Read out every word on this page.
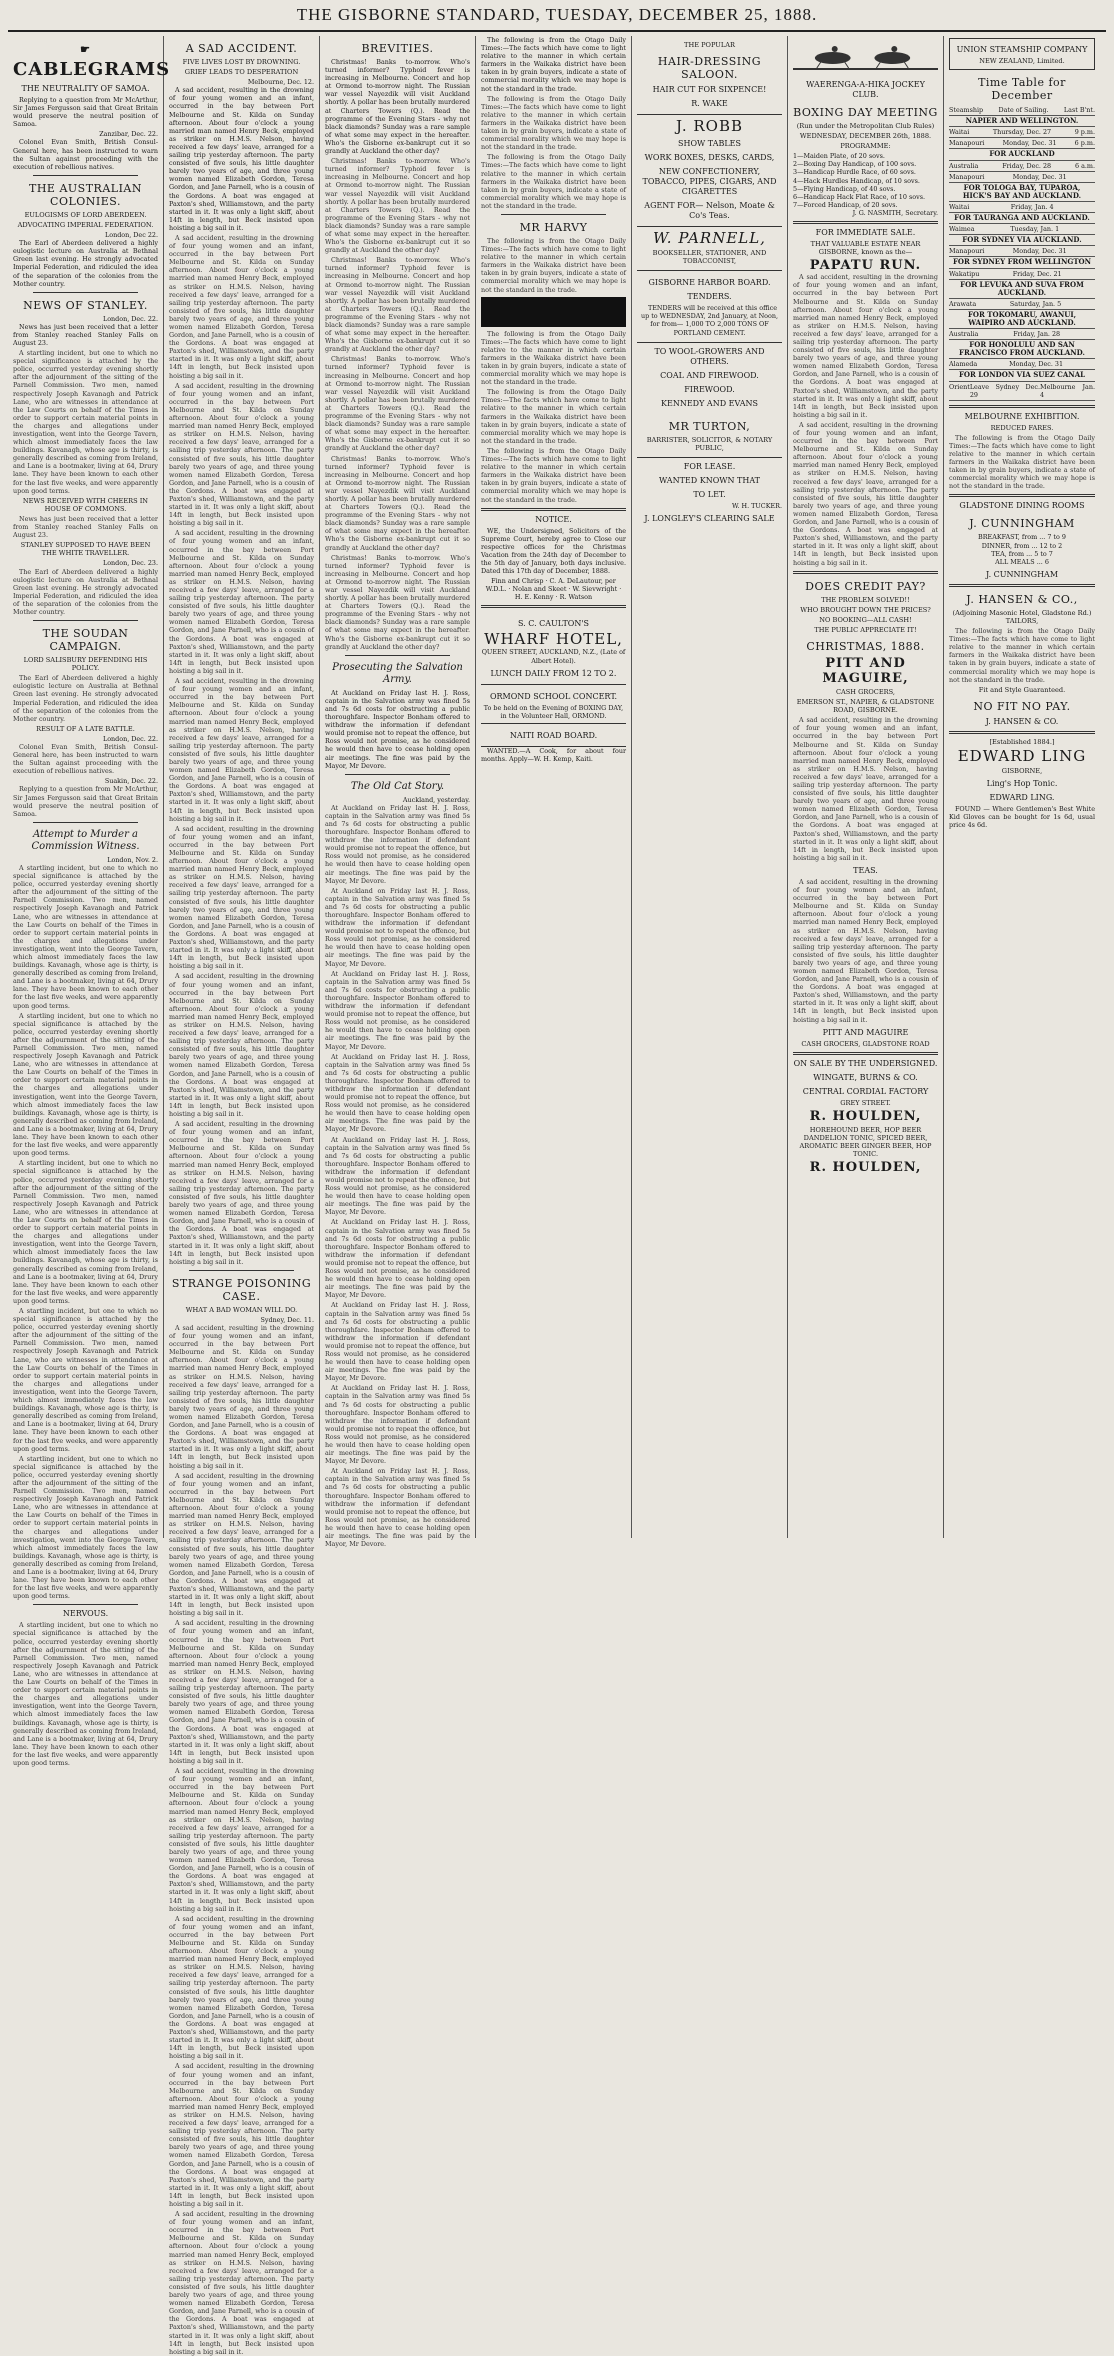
THE GISBORNE STANDARD, TUESDAY, DECEMBER 25, 1888.
☛ CABLEGRAMS
THE NEUTRALITY OF SAMOA.

Replying to a question from Mr McArthur, Sir James Fergusson said that Great Britain would preserve the neutral position of Samoa.

Zanzibar, Dec. 22.

Colonel Evan Smith, British Consul-General here, has been instructed to warn the Sultan against proceeding with the execution of rebellious natives.

THE AUSTRALIAN COLONIES.
EULOGISMS OF LORD ABERDEEN.
ADVOCATING IMPERIAL FEDERATION.
London, Dec 22.

The Earl of Aberdeen delivered a highly eulogistic lecture on Australia at Bethnal Green last evening. He strongly advocated Imperial Federation, and ridiculed the idea of the separation of the colonies from the Mother country.

NEWS OF STANLEY.
London, Dec. 22.

News has just been received that a letter from Stanley reached Stanley Falls on August 23.

A startling incident, but one to which no special significance is attached by the police, occurred yesterday evening shortly after the adjournment of the sitting of the Parnell Commission. Two men, named respectively Joseph Kavanagh and Patrick Lane, who are witnesses in attendance at the Law Courts on behalf of the Times in order to support certain material points in the charges and allegations under investigation, went into the George Tavern, which almost immediately faces the law buildings. Kavanagh, whose age is thirty, is generally described as coming from Ireland, and Lane is a bootmaker, living at 64, Drury lane. They have been known to each other for the last five weeks, and were apparently upon good terms.

NEWS RECEIVED WITH CHEERS IN HOUSE OF COMMONS.

News has just been received that a letter from Stanley reached Stanley Falls on August 23.

STANLEY SUPPOSED TO HAVE BEEN THE WHITE TRAVELLER.
London, Dec. 23.

The Earl of Aberdeen delivered a highly eulogistic lecture on Australia at Bethnal Green last evening. He strongly advocated Imperial Federation, and ridiculed the idea of the separation of the colonies from the Mother country.

THE SOUDAN CAMPAIGN.
LORD SALISBURY DEFENDING HIS POLICY.

The Earl of Aberdeen delivered a highly eulogistic lecture on Australia at Bethnal Green last evening. He strongly advocated Imperial Federation, and ridiculed the idea of the separation of the colonies from the Mother country.

RESULT OF A LATE BATTLE.
London, Dec. 22.

Colonel Evan Smith, British Consul-General here, has been instructed to warn the Sultan against proceeding with the execution of rebellious natives.

Suakin, Dec. 22.

Replying to a question from Mr McArthur, Sir James Fergusson said that Great Britain would preserve the neutral position of Samoa.

Attempt to Murder a Commission Witness.
London, Nov. 2.

A startling incident, but one to which no special significance is attached by the police, occurred yesterday evening shortly after the adjournment of the sitting of the Parnell Commission. Two men, named respectively Joseph Kavanagh and Patrick Lane, who are witnesses in attendance at the Law Courts on behalf of the Times in order to support certain material points in the charges and allegations under investigation, went into the George Tavern, which almost immediately faces the law buildings. Kavanagh, whose age is thirty, is generally described as coming from Ireland, and Lane is a bootmaker, living at 64, Drury lane. They have been known to each other for the last five weeks, and were apparently upon good terms.

A startling incident, but one to which no special significance is attached by the police, occurred yesterday evening shortly after the adjournment of the sitting of the Parnell Commission. Two men, named respectively Joseph Kavanagh and Patrick Lane, who are witnesses in attendance at the Law Courts on behalf of the Times in order to support certain material points in the charges and allegations under investigation, went into the George Tavern, which almost immediately faces the law buildings. Kavanagh, whose age is thirty, is generally described as coming from Ireland, and Lane is a bootmaker, living at 64, Drury lane. They have been known to each other for the last five weeks, and were apparently upon good terms.

A startling incident, but one to which no special significance is attached by the police, occurred yesterday evening shortly after the adjournment of the sitting of the Parnell Commission. Two men, named respectively Joseph Kavanagh and Patrick Lane, who are witnesses in attendance at the Law Courts on behalf of the Times in order to support certain material points in the charges and allegations under investigation, went into the George Tavern, which almost immediately faces the law buildings. Kavanagh, whose age is thirty, is generally described as coming from Ireland, and Lane is a bootmaker, living at 64, Drury lane. They have been known to each other for the last five weeks, and were apparently upon good terms.

A startling incident, but one to which no special significance is attached by the police, occurred yesterday evening shortly after the adjournment of the sitting of the Parnell Commission. Two men, named respectively Joseph Kavanagh and Patrick Lane, who are witnesses in attendance at the Law Courts on behalf of the Times in order to support certain material points in the charges and allegations under investigation, went into the George Tavern, which almost immediately faces the law buildings. Kavanagh, whose age is thirty, is generally described as coming from Ireland, and Lane is a bootmaker, living at 64, Drury lane. They have been known to each other for the last five weeks, and were apparently upon good terms.

A startling incident, but one to which no special significance is attached by the police, occurred yesterday evening shortly after the adjournment of the sitting of the Parnell Commission. Two men, named respectively Joseph Kavanagh and Patrick Lane, who are witnesses in attendance at the Law Courts on behalf of the Times in order to support certain material points in the charges and allegations under investigation, went into the George Tavern, which almost immediately faces the law buildings. Kavanagh, whose age is thirty, is generally described as coming from Ireland, and Lane is a bootmaker, living at 64, Drury lane. They have been known to each other for the last five weeks, and were apparently upon good terms.

NERVOUS.

A startling incident, but one to which no special significance is attached by the police, occurred yesterday evening shortly after the adjournment of the sitting of the Parnell Commission. Two men, named respectively Joseph Kavanagh and Patrick Lane, who are witnesses in attendance at the Law Courts on behalf of the Times in order to support certain material points in the charges and allegations under investigation, went into the George Tavern, which almost immediately faces the law buildings. Kavanagh, whose age is thirty, is generally described as coming from Ireland, and Lane is a bootmaker, living at 64, Drury lane. They have been known to each other for the last five weeks, and were apparently upon good terms.

A SAD ACCIDENT.
FIVE LIVES LOST BY DROWNING.
GRIEF LEADS TO DESPERATION
Melbourne, Dec. 12.

A sad accident, resulting in the drowning of four young women and an infant, occurred in the bay between Port Melbourne and St. Kilda on Sunday afternoon. About four o'clock a young married man named Henry Beck, employed as striker on H.M.S. Nelson, having received a few days' leave, arranged for a sailing trip yesterday afternoon. The party consisted of five souls, his little daughter barely two years of age, and three young women named Elizabeth Gordon, Teresa Gordon, and Jane Parnell, who is a cousin of the Gordons. A boat was engaged at Paxton's shed, Williamstown, and the party started in it. It was only a light skiff, about 14ft in length, but Beck insisted upon hoisting a big sail in it.

A sad accident, resulting in the drowning of four young women and an infant, occurred in the bay between Port Melbourne and St. Kilda on Sunday afternoon. About four o'clock a young married man named Henry Beck, employed as striker on H.M.S. Nelson, having received a few days' leave, arranged for a sailing trip yesterday afternoon. The party consisted of five souls, his little daughter barely two years of age, and three young women named Elizabeth Gordon, Teresa Gordon, and Jane Parnell, who is a cousin of the Gordons. A boat was engaged at Paxton's shed, Williamstown, and the party started in it. It was only a light skiff, about 14ft in length, but Beck insisted upon hoisting a big sail in it.

A sad accident, resulting in the drowning of four young women and an infant, occurred in the bay between Port Melbourne and St. Kilda on Sunday afternoon. About four o'clock a young married man named Henry Beck, employed as striker on H.M.S. Nelson, having received a few days' leave, arranged for a sailing trip yesterday afternoon. The party consisted of five souls, his little daughter barely two years of age, and three young women named Elizabeth Gordon, Teresa Gordon, and Jane Parnell, who is a cousin of the Gordons. A boat was engaged at Paxton's shed, Williamstown, and the party started in it. It was only a light skiff, about 14ft in length, but Beck insisted upon hoisting a big sail in it.

A sad accident, resulting in the drowning of four young women and an infant, occurred in the bay between Port Melbourne and St. Kilda on Sunday afternoon. About four o'clock a young married man named Henry Beck, employed as striker on H.M.S. Nelson, having received a few days' leave, arranged for a sailing trip yesterday afternoon. The party consisted of five souls, his little daughter barely two years of age, and three young women named Elizabeth Gordon, Teresa Gordon, and Jane Parnell, who is a cousin of the Gordons. A boat was engaged at Paxton's shed, Williamstown, and the party started in it. It was only a light skiff, about 14ft in length, but Beck insisted upon hoisting a big sail in it.

A sad accident, resulting in the drowning of four young women and an infant, occurred in the bay between Port Melbourne and St. Kilda on Sunday afternoon. About four o'clock a young married man named Henry Beck, employed as striker on H.M.S. Nelson, having received a few days' leave, arranged for a sailing trip yesterday afternoon. The party consisted of five souls, his little daughter barely two years of age, and three young women named Elizabeth Gordon, Teresa Gordon, and Jane Parnell, who is a cousin of the Gordons. A boat was engaged at Paxton's shed, Williamstown, and the party started in it. It was only a light skiff, about 14ft in length, but Beck insisted upon hoisting a big sail in it.

A sad accident, resulting in the drowning of four young women and an infant, occurred in the bay between Port Melbourne and St. Kilda on Sunday afternoon. About four o'clock a young married man named Henry Beck, employed as striker on H.M.S. Nelson, having received a few days' leave, arranged for a sailing trip yesterday afternoon. The party consisted of five souls, his little daughter barely two years of age, and three young women named Elizabeth Gordon, Teresa Gordon, and Jane Parnell, who is a cousin of the Gordons. A boat was engaged at Paxton's shed, Williamstown, and the party started in it. It was only a light skiff, about 14ft in length, but Beck insisted upon hoisting a big sail in it.

A sad accident, resulting in the drowning of four young women and an infant, occurred in the bay between Port Melbourne and St. Kilda on Sunday afternoon. About four o'clock a young married man named Henry Beck, employed as striker on H.M.S. Nelson, having received a few days' leave, arranged for a sailing trip yesterday afternoon. The party consisted of five souls, his little daughter barely two years of age, and three young women named Elizabeth Gordon, Teresa Gordon, and Jane Parnell, who is a cousin of the Gordons. A boat was engaged at Paxton's shed, Williamstown, and the party started in it. It was only a light skiff, about 14ft in length, but Beck insisted upon hoisting a big sail in it.

A sad accident, resulting in the drowning of four young women and an infant, occurred in the bay between Port Melbourne and St. Kilda on Sunday afternoon. About four o'clock a young married man named Henry Beck, employed as striker on H.M.S. Nelson, having received a few days' leave, arranged for a sailing trip yesterday afternoon. The party consisted of five souls, his little daughter barely two years of age, and three young women named Elizabeth Gordon, Teresa Gordon, and Jane Parnell, who is a cousin of the Gordons. A boat was engaged at Paxton's shed, Williamstown, and the party started in it. It was only a light skiff, about 14ft in length, but Beck insisted upon hoisting a big sail in it.

STRANGE POISONING CASE.
WHAT A BAD WOMAN WILL DO.
Sydney, Dec. 11.

A sad accident, resulting in the drowning of four young women and an infant, occurred in the bay between Port Melbourne and St. Kilda on Sunday afternoon. About four o'clock a young married man named Henry Beck, employed as striker on H.M.S. Nelson, having received a few days' leave, arranged for a sailing trip yesterday afternoon. The party consisted of five souls, his little daughter barely two years of age, and three young women named Elizabeth Gordon, Teresa Gordon, and Jane Parnell, who is a cousin of the Gordons. A boat was engaged at Paxton's shed, Williamstown, and the party started in it. It was only a light skiff, about 14ft in length, but Beck insisted upon hoisting a big sail in it.

A sad accident, resulting in the drowning of four young women and an infant, occurred in the bay between Port Melbourne and St. Kilda on Sunday afternoon. About four o'clock a young married man named Henry Beck, employed as striker on H.M.S. Nelson, having received a few days' leave, arranged for a sailing trip yesterday afternoon. The party consisted of five souls, his little daughter barely two years of age, and three young women named Elizabeth Gordon, Teresa Gordon, and Jane Parnell, who is a cousin of the Gordons. A boat was engaged at Paxton's shed, Williamstown, and the party started in it. It was only a light skiff, about 14ft in length, but Beck insisted upon hoisting a big sail in it.

A sad accident, resulting in the drowning of four young women and an infant, occurred in the bay between Port Melbourne and St. Kilda on Sunday afternoon. About four o'clock a young married man named Henry Beck, employed as striker on H.M.S. Nelson, having received a few days' leave, arranged for a sailing trip yesterday afternoon. The party consisted of five souls, his little daughter barely two years of age, and three young women named Elizabeth Gordon, Teresa Gordon, and Jane Parnell, who is a cousin of the Gordons. A boat was engaged at Paxton's shed, Williamstown, and the party started in it. It was only a light skiff, about 14ft in length, but Beck insisted upon hoisting a big sail in it.

A sad accident, resulting in the drowning of four young women and an infant, occurred in the bay between Port Melbourne and St. Kilda on Sunday afternoon. About four o'clock a young married man named Henry Beck, employed as striker on H.M.S. Nelson, having received a few days' leave, arranged for a sailing trip yesterday afternoon. The party consisted of five souls, his little daughter barely two years of age, and three young women named Elizabeth Gordon, Teresa Gordon, and Jane Parnell, who is a cousin of the Gordons. A boat was engaged at Paxton's shed, Williamstown, and the party started in it. It was only a light skiff, about 14ft in length, but Beck insisted upon hoisting a big sail in it.

A sad accident, resulting in the drowning of four young women and an infant, occurred in the bay between Port Melbourne and St. Kilda on Sunday afternoon. About four o'clock a young married man named Henry Beck, employed as striker on H.M.S. Nelson, having received a few days' leave, arranged for a sailing trip yesterday afternoon. The party consisted of five souls, his little daughter barely two years of age, and three young women named Elizabeth Gordon, Teresa Gordon, and Jane Parnell, who is a cousin of the Gordons. A boat was engaged at Paxton's shed, Williamstown, and the party started in it. It was only a light skiff, about 14ft in length, but Beck insisted upon hoisting a big sail in it.

A sad accident, resulting in the drowning of four young women and an infant, occurred in the bay between Port Melbourne and St. Kilda on Sunday afternoon. About four o'clock a young married man named Henry Beck, employed as striker on H.M.S. Nelson, having received a few days' leave, arranged for a sailing trip yesterday afternoon. The party consisted of five souls, his little daughter barely two years of age, and three young women named Elizabeth Gordon, Teresa Gordon, and Jane Parnell, who is a cousin of the Gordons. A boat was engaged at Paxton's shed, Williamstown, and the party started in it. It was only a light skiff, about 14ft in length, but Beck insisted upon hoisting a big sail in it.

A sad accident, resulting in the drowning of four young women and an infant, occurred in the bay between Port Melbourne and St. Kilda on Sunday afternoon. About four o'clock a young married man named Henry Beck, employed as striker on H.M.S. Nelson, having received a few days' leave, arranged for a sailing trip yesterday afternoon. The party consisted of five souls, his little daughter barely two years of age, and three young women named Elizabeth Gordon, Teresa Gordon, and Jane Parnell, who is a cousin of the Gordons. A boat was engaged at Paxton's shed, Williamstown, and the party started in it. It was only a light skiff, about 14ft in length, but Beck insisted upon hoisting a big sail in it.

BREVITIES.

Christmas! Banks to-morrow. Who's turned informer? Typhoid fever is increasing in Melbourne. Concert and hop at Ormond to-morrow night. The Russian war vessel Nayezdik will visit Auckland shortly. A pollar has been brutally murdered at Charters Towers (Q.). Read the programme of the Evening Stars - why not black diamonds? Sunday was a rare sample of what some may expect in the hereafter. Who's the Gisborne ex-bankrupt cut it so grandly at Auckland the other day?

Christmas! Banks to-morrow. Who's turned informer? Typhoid fever is increasing in Melbourne. Concert and hop at Ormond to-morrow night. The Russian war vessel Nayezdik will visit Auckland shortly. A pollar has been brutally murdered at Charters Towers (Q.). Read the programme of the Evening Stars - why not black diamonds? Sunday was a rare sample of what some may expect in the hereafter. Who's the Gisborne ex-bankrupt cut it so grandly at Auckland the other day?

Christmas! Banks to-morrow. Who's turned informer? Typhoid fever is increasing in Melbourne. Concert and hop at Ormond to-morrow night. The Russian war vessel Nayezdik will visit Auckland shortly. A pollar has been brutally murdered at Charters Towers (Q.). Read the programme of the Evening Stars - why not black diamonds? Sunday was a rare sample of what some may expect in the hereafter. Who's the Gisborne ex-bankrupt cut it so grandly at Auckland the other day?

Christmas! Banks to-morrow. Who's turned informer? Typhoid fever is increasing in Melbourne. Concert and hop at Ormond to-morrow night. The Russian war vessel Nayezdik will visit Auckland shortly. A pollar has been brutally murdered at Charters Towers (Q.). Read the programme of the Evening Stars - why not black diamonds? Sunday was a rare sample of what some may expect in the hereafter. Who's the Gisborne ex-bankrupt cut it so grandly at Auckland the other day?

Christmas! Banks to-morrow. Who's turned informer? Typhoid fever is increasing in Melbourne. Concert and hop at Ormond to-morrow night. The Russian war vessel Nayezdik will visit Auckland shortly. A pollar has been brutally murdered at Charters Towers (Q.). Read the programme of the Evening Stars - why not black diamonds? Sunday was a rare sample of what some may expect in the hereafter. Who's the Gisborne ex-bankrupt cut it so grandly at Auckland the other day?

Christmas! Banks to-morrow. Who's turned informer? Typhoid fever is increasing in Melbourne. Concert and hop at Ormond to-morrow night. The Russian war vessel Nayezdik will visit Auckland shortly. A pollar has been brutally murdered at Charters Towers (Q.). Read the programme of the Evening Stars - why not black diamonds? Sunday was a rare sample of what some may expect in the hereafter. Who's the Gisborne ex-bankrupt cut it so grandly at Auckland the other day?

Prosecuting the Salvation Army.

At Auckland on Friday last H. J. Ross, captain in the Salvation army was fined 5s and 7s 6d costs for obstructing a public thoroughfare. Inspector Bonham offered to withdraw the information if defendant would promise not to repeat the offence, but Ross would not promise, as he considered he would then have to cease holding open air meetings. The fine was paid by the Mayor, Mr Devore.

The Old Cat Story.
Auckland, yesterday.

At Auckland on Friday last H. J. Ross, captain in the Salvation army was fined 5s and 7s 6d costs for obstructing a public thoroughfare. Inspector Bonham offered to withdraw the information if defendant would promise not to repeat the offence, but Ross would not promise, as he considered he would then have to cease holding open air meetings. The fine was paid by the Mayor, Mr Devore.

At Auckland on Friday last H. J. Ross, captain in the Salvation army was fined 5s and 7s 6d costs for obstructing a public thoroughfare. Inspector Bonham offered to withdraw the information if defendant would promise not to repeat the offence, but Ross would not promise, as he considered he would then have to cease holding open air meetings. The fine was paid by the Mayor, Mr Devore.

At Auckland on Friday last H. J. Ross, captain in the Salvation army was fined 5s and 7s 6d costs for obstructing a public thoroughfare. Inspector Bonham offered to withdraw the information if defendant would promise not to repeat the offence, but Ross would not promise, as he considered he would then have to cease holding open air meetings. The fine was paid by the Mayor, Mr Devore.

At Auckland on Friday last H. J. Ross, captain in the Salvation army was fined 5s and 7s 6d costs for obstructing a public thoroughfare. Inspector Bonham offered to withdraw the information if defendant would promise not to repeat the offence, but Ross would not promise, as he considered he would then have to cease holding open air meetings. The fine was paid by the Mayor, Mr Devore.

At Auckland on Friday last H. J. Ross, captain in the Salvation army was fined 5s and 7s 6d costs for obstructing a public thoroughfare. Inspector Bonham offered to withdraw the information if defendant would promise not to repeat the offence, but Ross would not promise, as he considered he would then have to cease holding open air meetings. The fine was paid by the Mayor, Mr Devore.

At Auckland on Friday last H. J. Ross, captain in the Salvation army was fined 5s and 7s 6d costs for obstructing a public thoroughfare. Inspector Bonham offered to withdraw the information if defendant would promise not to repeat the offence, but Ross would not promise, as he considered he would then have to cease holding open air meetings. The fine was paid by the Mayor, Mr Devore.

At Auckland on Friday last H. J. Ross, captain in the Salvation army was fined 5s and 7s 6d costs for obstructing a public thoroughfare. Inspector Bonham offered to withdraw the information if defendant would promise not to repeat the offence, but Ross would not promise, as he considered he would then have to cease holding open air meetings. The fine was paid by the Mayor, Mr Devore.

At Auckland on Friday last H. J. Ross, captain in the Salvation army was fined 5s and 7s 6d costs for obstructing a public thoroughfare. Inspector Bonham offered to withdraw the information if defendant would promise not to repeat the offence, but Ross would not promise, as he considered he would then have to cease holding open air meetings. The fine was paid by the Mayor, Mr Devore.

At Auckland on Friday last H. J. Ross, captain in the Salvation army was fined 5s and 7s 6d costs for obstructing a public thoroughfare. Inspector Bonham offered to withdraw the information if defendant would promise not to repeat the offence, but Ross would not promise, as he considered he would then have to cease holding open air meetings. The fine was paid by the Mayor, Mr Devore.

The following is from the Otago Daily Times:—The facts which have come to light relative to the manner in which certain farmers in the Waikaka district have been taken in by grain buyers, indicate a state of commercial morality which we may hope is not the standard in the trade.

The following is from the Otago Daily Times:—The facts which have come to light relative to the manner in which certain farmers in the Waikaka district have been taken in by grain buyers, indicate a state of commercial morality which we may hope is not the standard in the trade.

The following is from the Otago Daily Times:—The facts which have come to light relative to the manner in which certain farmers in the Waikaka district have been taken in by grain buyers, indicate a state of commercial morality which we may hope is not the standard in the trade.

MR HARVY

The following is from the Otago Daily Times:—The facts which have come to light relative to the manner in which certain farmers in the Waikaka district have been taken in by grain buyers, indicate a state of commercial morality which we may hope is not the standard in the trade.

The following is from the Otago Daily Times:—The facts which have come to light relative to the manner in which certain farmers in the Waikaka district have been taken in by grain buyers, indicate a state of commercial morality which we may hope is not the standard in the trade.

The following is from the Otago Daily Times:—The facts which have come to light relative to the manner in which certain farmers in the Waikaka district have been taken in by grain buyers, indicate a state of commercial morality which we may hope is not the standard in the trade.

The following is from the Otago Daily Times:—The facts which have come to light relative to the manner in which certain farmers in the Waikaka district have been taken in by grain buyers, indicate a state of commercial morality which we may hope is not the standard in the trade.

NOTICE.

WE, the Undersigned, Solicitors of the Supreme Court, hereby agree to Close our respective offices for the Christmas Vacation from the 24th day of December to the 5th day of January, both days inclusive. Dated this 17th day of December, 1888.

Finn and Chrisp · C. A. DeLautour, per W.D.L. · Nolan and Skeet · W. Sievwright · H. E. Kenny · R. Watson
S. C. CAULTON'S
WHARF HOTEL,
QUEEN STREET, AUCKLAND, N.Z., (Late of Albert Hotel).
LUNCH DAILY FROM 12 TO 2.
ORMOND SCHOOL CONCERT.
To be held on the Evening of BOXING DAY, in the Volunteer Hall, ORMOND.
NAITI ROAD BOARD.

WANTED.—A Cook, for about four months. Apply—W. H. Kemp, Kaiti.

THE POPULAR
HAIR-DRESSING SALOON.
HAIR CUT FOR SIXPENCE!
R. WAKE
J. ROBB
SHOW TABLES
WORK BOXES, DESKS, CARDS,
NEW CONFECTIONERY, TOBACCO, PIPES, CIGARS, AND CIGARETTES
AGENT FOR— Nelson, Moate & Co's Teas.
W. PARNELL,
BOOKSELLER, STATIONER, AND TOBACCONIST,
GISBORNE HARBOR BOARD.
TENDERS.

TENDERS will be received at this office up to WEDNESDAY, 2nd January, at Noon, for from— 1,000 TO 2,000 TONS OF PORTLAND CEMENT.

TO WOOL-GROWERS AND OTHERS.
COAL AND FIREWOOD.
FIREWOOD.
KENNEDY AND EVANS
MR TURTON,
BARRISTER, SOLICITOR, & NOTARY PUBLIC,
FOR LEASE.
WANTED KNOWN THAT
TO LET.
W. H. TUCKER.
J. LONGLEY'S CLEARING SALE
WAERENGA-A-HIKA JOCKEY CLUB.
BOXING DAY MEETING
(Run under the Metropolitan Club Rules)
WEDNESDAY, DECEMBER 26th, 1888.
PROGRAMME:
1—Maiden Plate, of 20 sovs.
2—Boxing Day Handicap, of 100 sovs.
3—Handicap Hurdle Race, of 60 sovs.
4—Hack Hurdles Handicap, of 10 sovs.
5—Flying Handicap, of 40 sovs.
6—Handicap Hack Flat Race, of 10 sovs.
7—Forced Handicap, of 20 sovs.
J. G. NASMITH, Secretary.
FOR IMMEDIATE SALE.
THAT VALUABLE ESTATE NEAR GISBORNE, known as the—
PAPATU RUN.

A sad accident, resulting in the drowning of four young women and an infant, occurred in the bay between Port Melbourne and St. Kilda on Sunday afternoon. About four o'clock a young married man named Henry Beck, employed as striker on H.M.S. Nelson, having received a few days' leave, arranged for a sailing trip yesterday afternoon. The party consisted of five souls, his little daughter barely two years of age, and three young women named Elizabeth Gordon, Teresa Gordon, and Jane Parnell, who is a cousin of the Gordons. A boat was engaged at Paxton's shed, Williamstown, and the party started in it. It was only a light skiff, about 14ft in length, but Beck insisted upon hoisting a big sail in it.

A sad accident, resulting in the drowning of four young women and an infant, occurred in the bay between Port Melbourne and St. Kilda on Sunday afternoon. About four o'clock a young married man named Henry Beck, employed as striker on H.M.S. Nelson, having received a few days' leave, arranged for a sailing trip yesterday afternoon. The party consisted of five souls, his little daughter barely two years of age, and three young women named Elizabeth Gordon, Teresa Gordon, and Jane Parnell, who is a cousin of the Gordons. A boat was engaged at Paxton's shed, Williamstown, and the party started in it. It was only a light skiff, about 14ft in length, but Beck insisted upon hoisting a big sail in it.

DOES CREDIT PAY?
THE PROBLEM SOLVED!!
WHO BROUGHT DOWN THE PRICES?
NO BOOKING—ALL CASH!
THE PUBLIC APPRECIATE IT!
CHRISTMAS, 1888.
PITT AND MAGUIRE,
CASH GROCERS,
EMERSON ST., NAPIER, & GLADSTONE ROAD, GISBORNE.

A sad accident, resulting in the drowning of four young women and an infant, occurred in the bay between Port Melbourne and St. Kilda on Sunday afternoon. About four o'clock a young married man named Henry Beck, employed as striker on H.M.S. Nelson, having received a few days' leave, arranged for a sailing trip yesterday afternoon. The party consisted of five souls, his little daughter barely two years of age, and three young women named Elizabeth Gordon, Teresa Gordon, and Jane Parnell, who is a cousin of the Gordons. A boat was engaged at Paxton's shed, Williamstown, and the party started in it. It was only a light skiff, about 14ft in length, but Beck insisted upon hoisting a big sail in it.

TEAS.

A sad accident, resulting in the drowning of four young women and an infant, occurred in the bay between Port Melbourne and St. Kilda on Sunday afternoon. About four o'clock a young married man named Henry Beck, employed as striker on H.M.S. Nelson, having received a few days' leave, arranged for a sailing trip yesterday afternoon. The party consisted of five souls, his little daughter barely two years of age, and three young women named Elizabeth Gordon, Teresa Gordon, and Jane Parnell, who is a cousin of the Gordons. A boat was engaged at Paxton's shed, Williamstown, and the party started in it. It was only a light skiff, about 14ft in length, but Beck insisted upon hoisting a big sail in it.

PITT AND MAGUIRE
CASH GROCERS, GLADSTONE ROAD
ON SALE BY THE UNDERSIGNED.
WINGATE, BURNS & CO.
CENTRAL CORDIAL FACTORY
GREY STREET.
R. HOULDEN,
HOREHOUND BEER, HOP BEER DANDELION TONIC, SPICED BEER, AROMATIC BEER GINGER BEER, HOP TONIC.
R. HOULDEN,
UNION STEAMSHIP COMPANY
NEW ZEALAND, Limited.
Time Table for December
Steamship Date of Sailing. Last B'nt.
NAPIER AND WELLINGTON.
Waitai	Thursday, Dec. 27	9 p.m.
Manapouri	Monday, Dec. 31	6 p.m.
FOR AUCKLAND
Australia	Friday, Dec. 28	6 a.m.
Manapouri	Monday, Dec. 31
FOR TOLOGA BAY, TUPAROA, HICK'S BAY AND AUCKLAND.
Waitai	Friday, Jan. 4
FOR TAURANGA AND AUCKLAND.
Waimea	Tuesday, Jan. 1
FOR SYDNEY VIA AUCKLAND.
Manapouri	Monday, Dec. 31
FOR SYDNEY FROM WELLINGTON
Wakatipu	Friday, Dec. 21
FOR LEVUKA AND SUVA FROM AUCKLAND.
Arawata	Saturday, Jan. 5
FOR TOKOMARU, AWANUI, WAIPIRO AND AUCKLAND.
Australia	Friday, Jan. 28
FOR HONOLULU AND SAN FRANCISCO FROM AUCKLAND.
Alameda	Monday, Dec. 31
FOR LONDON VIA SUEZ CANAL
Orient Leave Sydney Dec. 29
Melbourne Jan. 4
MELBOURNE EXHIBITION.
REDUCED FARES.

The following is from the Otago Daily Times:—The facts which have come to light relative to the manner in which certain farmers in the Waikaka district have been taken in by grain buyers, indicate a state of commercial morality which we may hope is not the standard in the trade.

GLADSTONE DINING ROOMS
J. CUNNINGHAM
BREAKFAST, from ... 7 to 9
DINNER, from ... 12 to 2
TEA, from ... 5 to 7
ALL MEALS ... 6
J. CUNNINGHAM
J. HANSEN & CO.,
(Adjoining Masonic Hotel, Gladstone Rd.) TAILORS,

The following is from the Otago Daily Times:—The facts which have come to light relative to the manner in which certain farmers in the Waikaka district have been taken in by grain buyers, indicate a state of commercial morality which we may hope is not the standard in the trade.

Fit and Style Guaranteed.
NO FIT NO PAY.
J. HANSEN & CO.
[Established 1884.]
EDWARD LING
GISBORNE,
Ling's Hop Tonic.
EDWARD LING.

FOUND — Where Gentlemen's Best White Kid Gloves can be bought for 1s 6d, usual price 4s 6d.
